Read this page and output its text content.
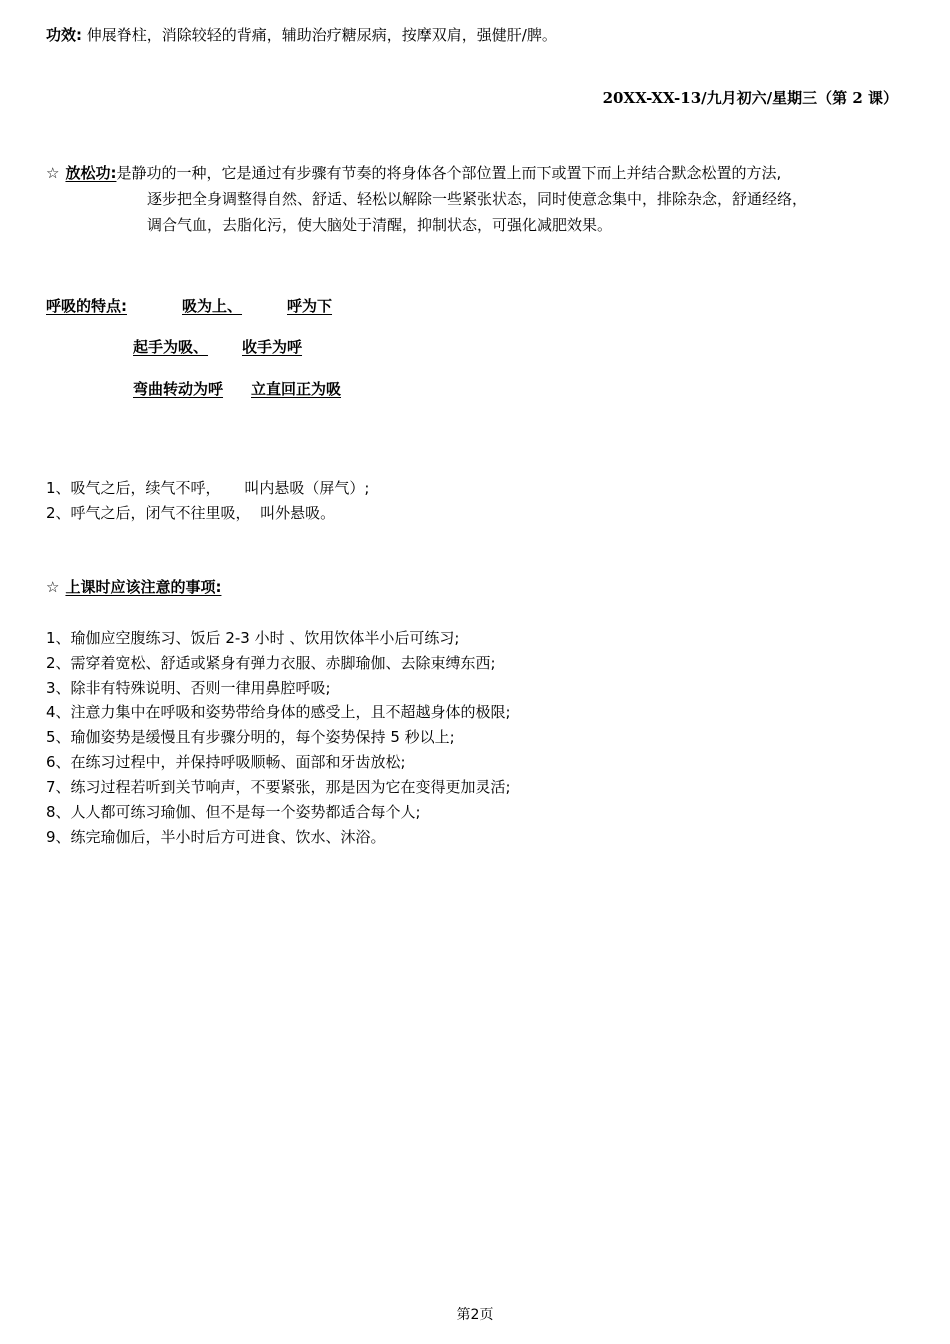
功效: 伸展脊柱，消除较轻的背痛，辅助治疗糖尿病，按摩双肩，强健肝/脾。
20XX-XX-13/九月初六/星期三（第 2 课）
☆ 放松功:是静功的一种，它是通过有步骤有节奏的将身体各个部位置上而下或置下而上并结合默念松置的方法,
逐步把全身调整得自然、舒适、轻松以解除一些紧张状态，同时使意念集中，排除杂念，舒通经络，
调合气血，去脂化污，使大脑处于清醒，抑制状态，可强化减肥效果。
呼吸的特点:	吸为上、	呼为下
起手为吸、 收手为呼
弯曲转动为呼 立直回正为吸
1、吸气之后，续气不呼，     叫内悬吸（屏气）;
2、呼气之后，闭气不往里吸，  叫外悬吸。
☆ 上课时应该注意的事项:
1、瑜伽应空腹练习、饭后 2-3 小时 、饮用饮体半小后可练习;
2、需穿着宽松、舒适或紧身有弹力衣服、赤脚瑜伽、去除束缚东西;
3、除非有特殊说明、否则一律用鼻腔呼吸;
4、注意力集中在呼吸和姿势带给身体的感受上，且不超越身体的极限;
5、瑜伽姿势是缓慢且有步骤分明的，每个姿势保持 5 秒以上;
6、在练习过程中，并保持呼吸顺畅、面部和牙齿放松;
7、练习过程若听到关节响声，不要紧张，那是因为它在变得更加灵活;
8、人人都可练习瑜伽、但不是每一个姿势都适合每个人;
9、练完瑜伽后，半小时后方可进食、饮水、沐浴。
第2页
